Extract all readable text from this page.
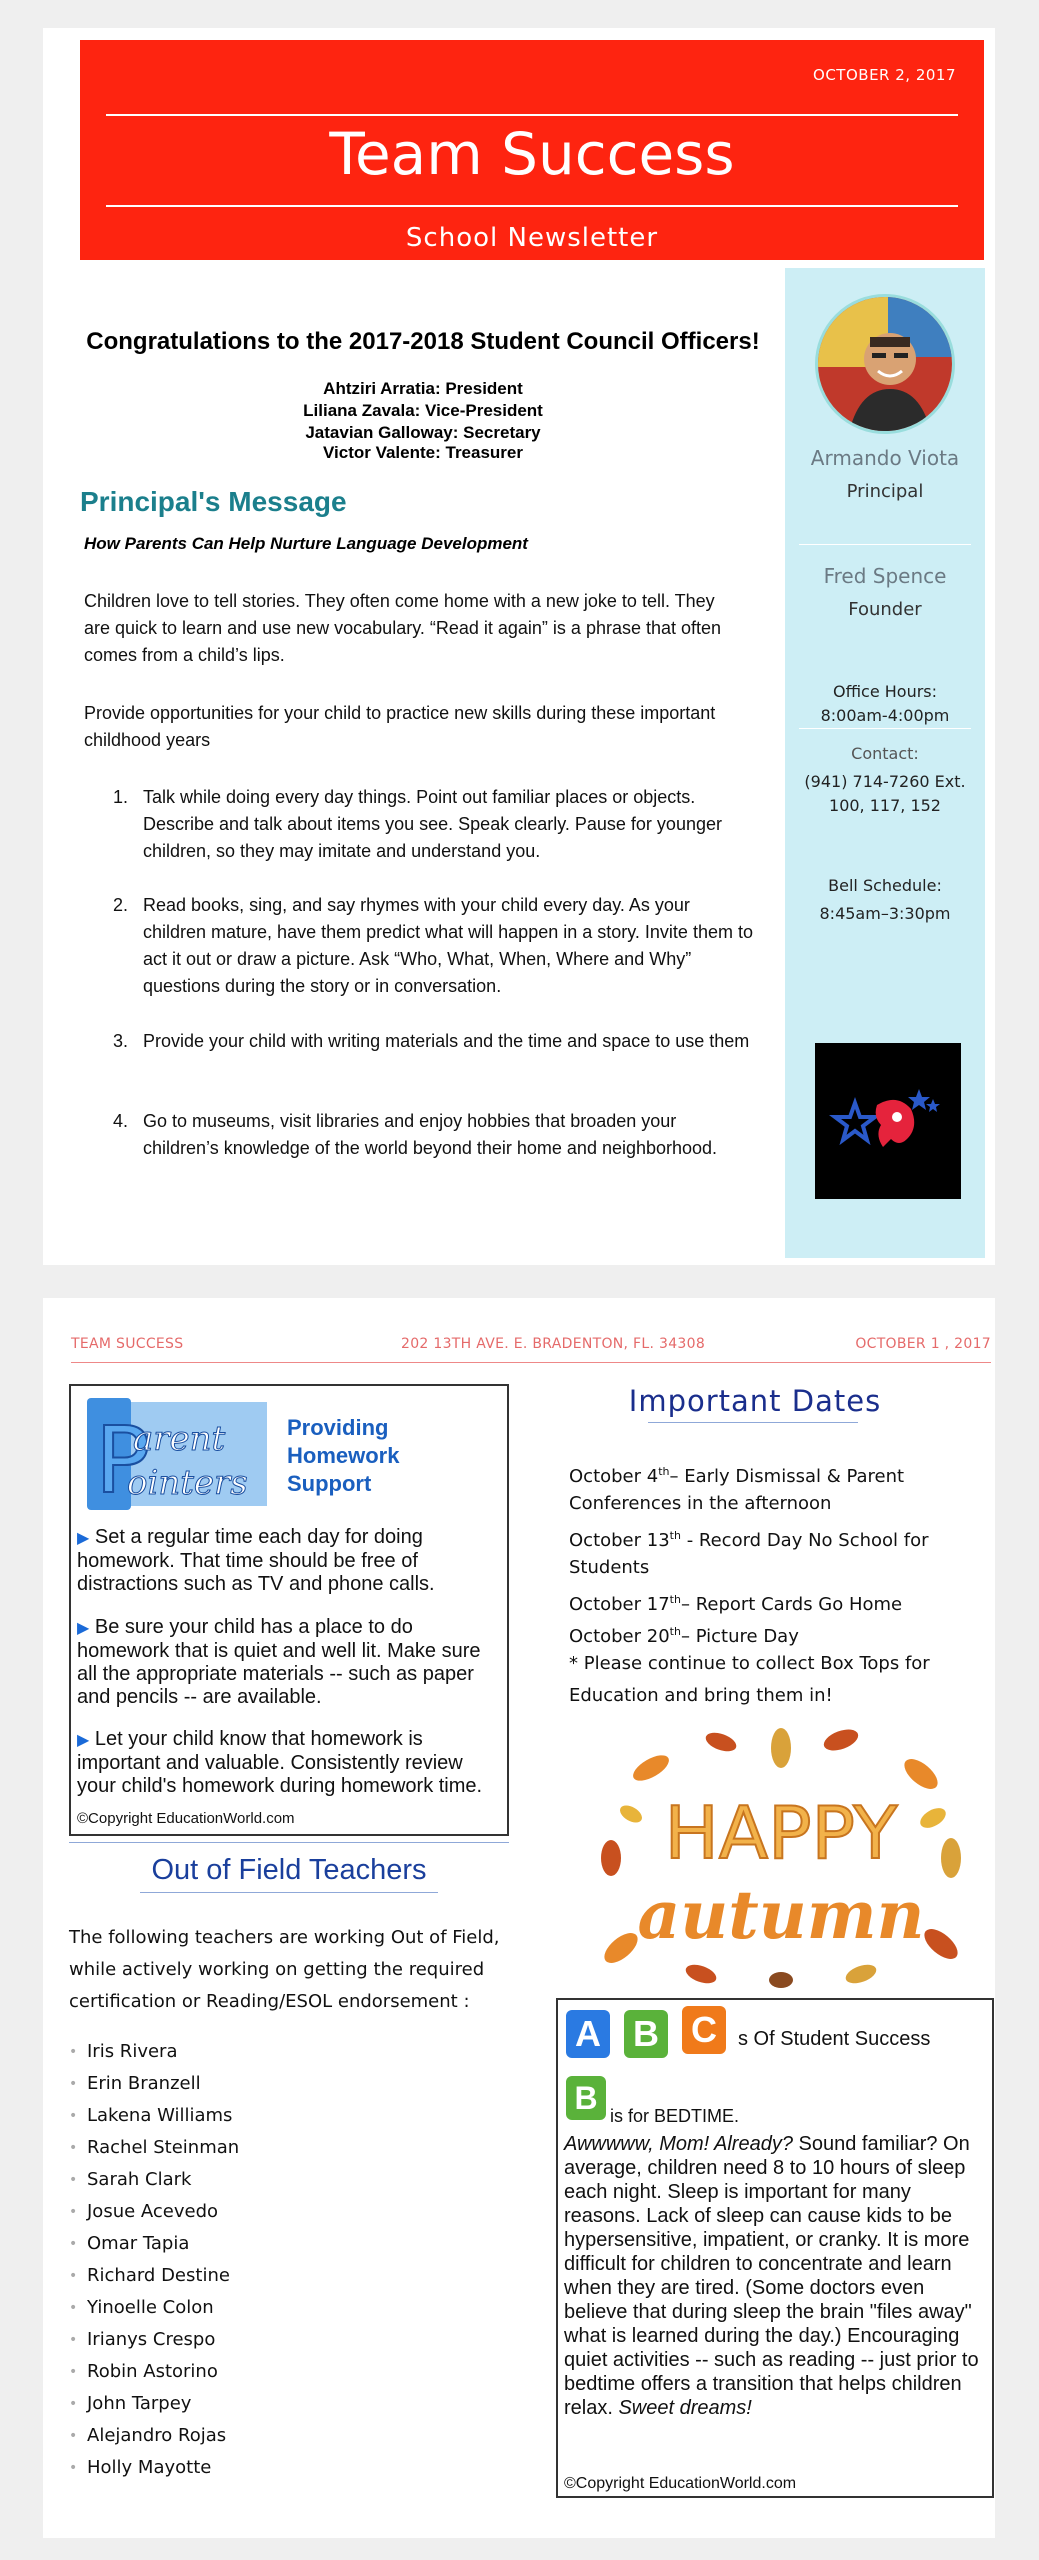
OCTOBER 2, 2017
Team Success
School Newsletter
Armando Viota
Principal
Fred Spence
Founder
Office Hours:
8:00am-4:00pm
Contact:
(941) 714-7260 Ext. 100, 117, 152
Bell Schedule:
8:45am–3:30pm
Congratulations to the 2017-2018 Student Council Officers!
Ahtziri Arratia: President
Liliana Zavala: Vice-President
Jatavian Galloway: Secretary
Victor Valente: Treasurer
Principal's Message
How Parents Can Help Nurture Language Development
Children love to tell stories. They often come home with a new joke to tell. They are quick to learn and use new vocabulary. “Read it again” is a phrase that often comes from a child’s lips.
Provide opportunities for your child to practice new skills during these important childhood years
1. Talk while doing every day things. Point out familiar places or objects. Describe and talk about items you see. Speak clearly. Pause for younger children, so they may imitate and understand you.
2. Read books, sing, and say rhymes with your child every day. As your children mature, have them predict what will happen in a story. Invite them to act it out or draw a picture. Ask “Who, What, When, Where and Why” questions during the story or in conversation.
3. Provide your child with writing materials and the time and space to use them
4. Go to museums, visit libraries and enjoy hobbies that broaden your children’s knowledge of the world beyond their home and neighborhood.
TEAM SUCCESS	202 13TH AVE. E. BRADENTON, FL. 34308	OCTOBER 1 , 2017
P
arent
ointers
Providing
Homework
Support
▶ Set a regular time each day for doing homework. That time should be free of distractions such as TV and phone calls.
▶ Be sure your child has a place to do homework that is quiet and well lit. Make sure all the appropriate materials -- such as paper and pencils -- are available.
▶ Let your child know that homework is important and valuable. Consistently review your child's homework during homework time.
©Copyright EducationWorld.com
Out of Field Teachers
The following teachers are working Out of Field, while actively working on getting the required certification or Reading/ESOL endorsement :
• Iris Rivera
• Erin Branzell
• Lakena Williams
• Rachel Steinman
• Sarah Clark
• Josue Acevedo
• Omar Tapia
• Richard Destine
• Yinoelle Colon
• Irianys Crespo
• Robin Astorino
• John Tarpey
• Alejandro Rojas
• Holly Mayotte
Important Dates
October 4th– Early Dismissal & Parent
Conferences in the afternoon
October 13th - Record Day No School for
Students
October 17th– Report Cards Go Home
October 20th– Picture Day
* Please continue to collect Box Tops for
Education and bring them in!
HAPPY
autumn
A B C	s Of Student Success
B is for BEDTIME.
Awwwww, Mom! Already? Sound familiar? On average, children need 8 to 10 hours of sleep each night. Sleep is important for many reasons. Lack of sleep can cause kids to be hypersensitive, impatient, or cranky. It is more difficult for children to concentrate and learn when they are tired. (Some doctors even believe that during sleep the brain "files away" what is learned during the day.) Encouraging quiet activities -- such as reading -- just prior to bedtime offers a transition that helps children relax. Sweet dreams!
©Copyright EducationWorld.com
